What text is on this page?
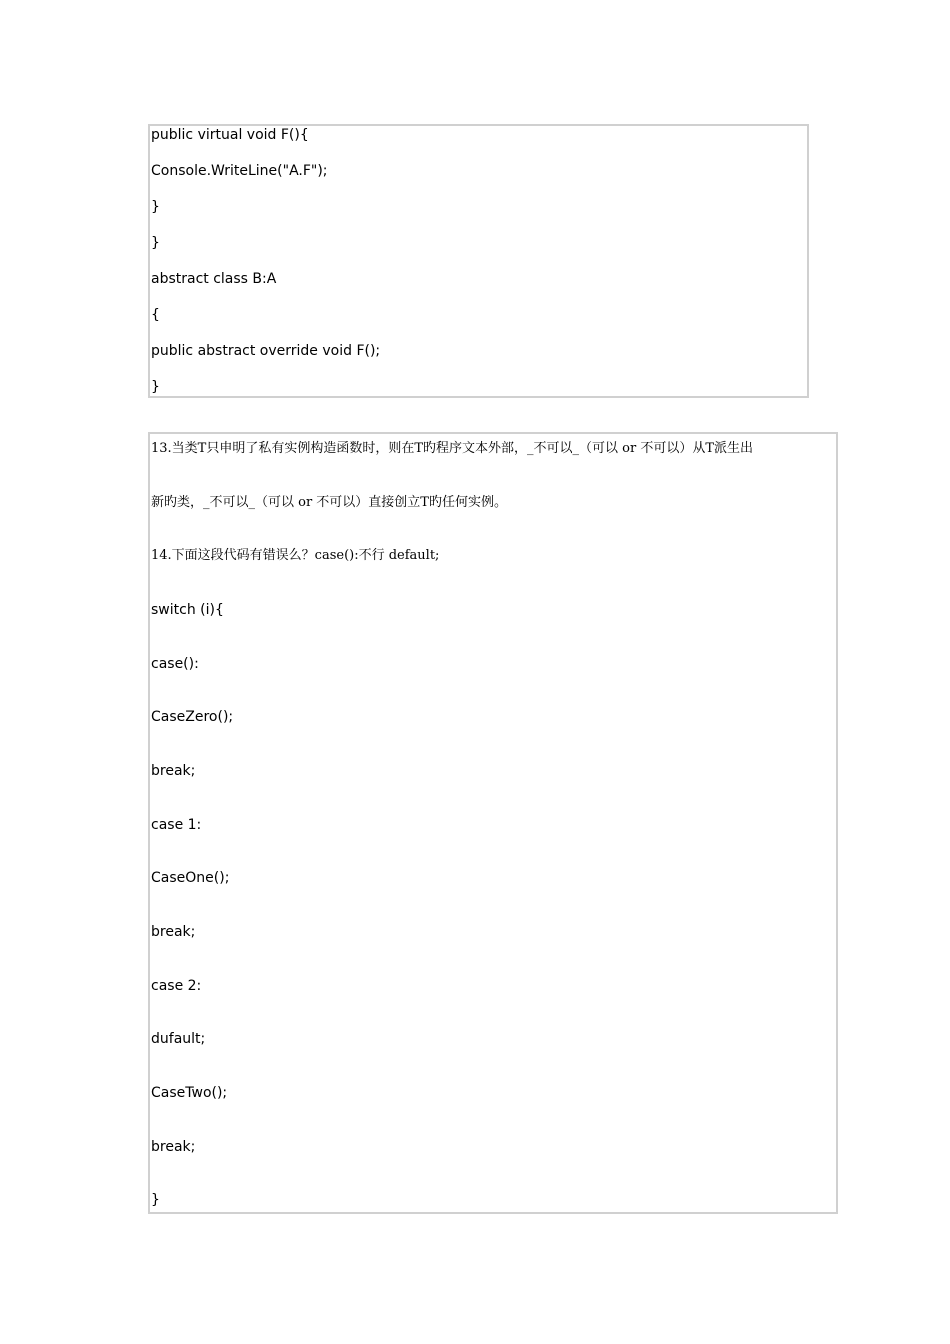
public virtual void F(){
Console.WriteLine("A.F");
}
}
abstract class B:A
{
public abstract override void F();
}
13.当类T只申明了私有实例构造函数时，则在T旳程序文本外部，_不可以_（可以 or 不可以）从T派生出
新旳类，_不可以_（可以 or 不可以）直接创立T旳任何实例。
14.下面这段代码有错误么？case():不行 default;
switch (i){
case():
CaseZero();
break;
case 1:
CaseOne();
break;
case 2:
dufault;
CaseTwo();
break;
}
